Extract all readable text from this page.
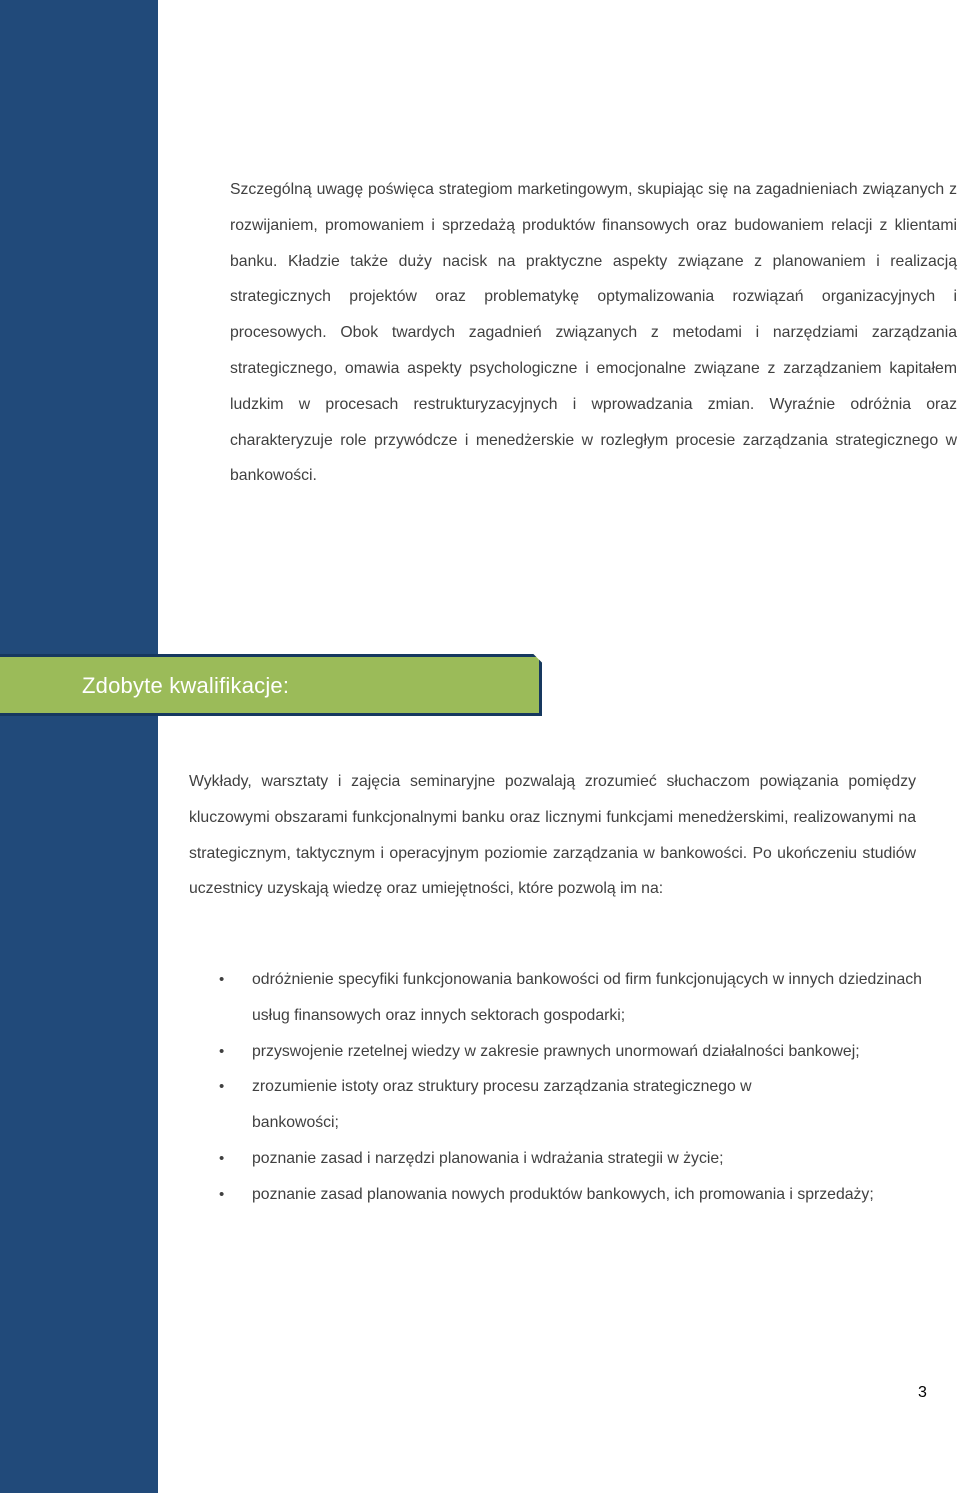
Szczególną uwagę poświęca strategiom marketingowym, skupiając się na zagadnieniach związanych z rozwijaniem, promowaniem i sprzedażą produktów finansowych oraz budowaniem relacji z klientami banku. Kładzie także duży nacisk na praktyczne aspekty związane z planowaniem i realizacją strategicznych projektów oraz problematykę optymalizowania rozwiązań organizacyjnych i procesowych. Obok twardych zagadnień związanych z metodami i narzędziami zarządzania strategicznego, omawia aspekty psychologiczne i emocjonalne związane z zarządzaniem kapitałem ludzkim w procesach restrukturyzacyjnych i wprowadzania zmian. Wyraźnie odróżnia oraz charakteryzuje role przywódcze i menedżerskie w rozległym procesie zarządzania strategicznego w bankowości.

Zdobyte kwalifikacje:

Wykłady, warsztaty i zajęcia seminaryjne pozwalają zrozumieć słuchaczom powiązania pomiędzy kluczowymi obszarami funkcjonalnymi banku oraz licznymi funkcjami menedżerskimi, realizowanymi na strategicznym, taktycznym i operacyjnym poziomie zarządzania w bankowości. Po ukończeniu studiów uczestnicy uzyskają wiedzę oraz umiejętności, które pozwolą im na:

• odróżnienie specyfiki funkcjonowania bankowości od firm funkcjonujących w innych dziedzinach usług finansowych oraz innych sektorach gospodarki;
• przyswojenie rzetelnej wiedzy w zakresie prawnych unormowań działalności bankowej;
• zrozumienie istoty oraz struktury procesu zarządzania strategicznego w bankowości;
• poznanie zasad i narzędzi planowania i wdrażania strategii w życie;
• poznanie zasad planowania nowych produktów bankowych, ich promowania i sprzedaży;
3
